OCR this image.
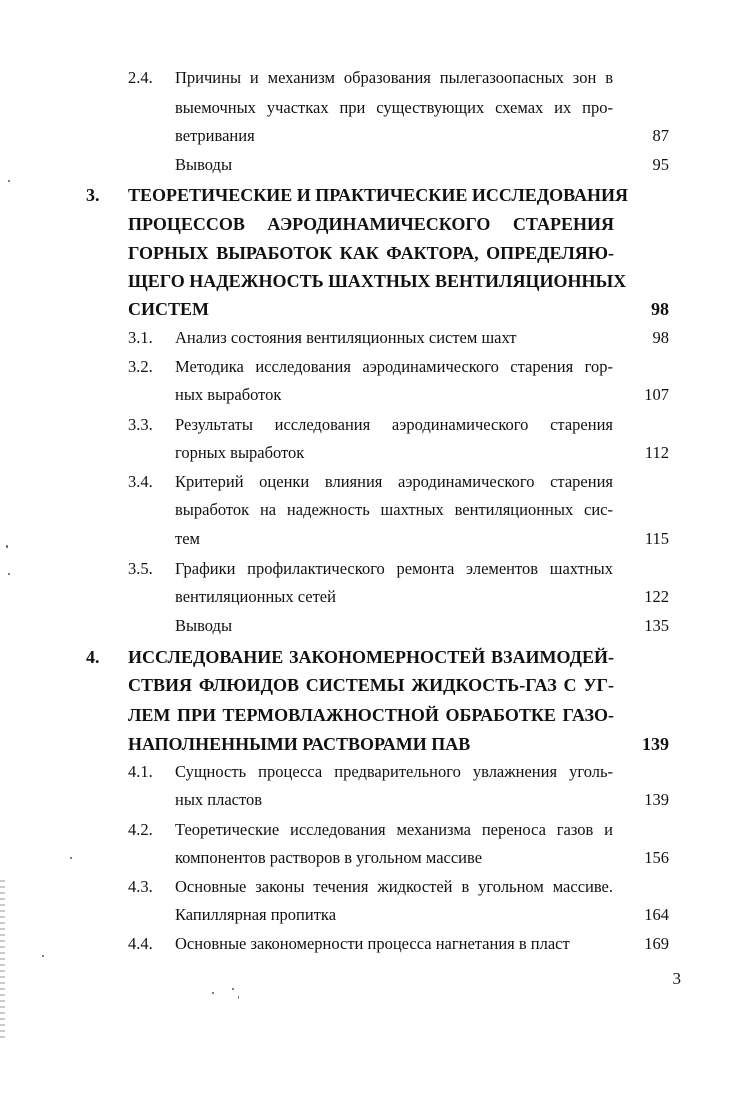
2.4. Причины и механизм образования пылегазоопасных зон в
выемочных участках при существующих схемах их про-
ветривания	87
Выводы	95
3. ТЕОРЕТИЧЕСКИЕ И ПРАКТИЧЕСКИЕ ИССЛЕДОВАНИЯ
ПРОЦЕССОВ АЭРОДИНАМИЧЕСКОГО СТАРЕНИЯ
ГОРНЫХ ВЫРАБОТОК КАК ФАКТОРА, ОПРЕДЕЛЯЮ-
ЩЕГО НАДЕЖНОСТЬ ШАХТНЫХ ВЕНТИЛЯЦИОННЫХ
СИСТЕМ	98
3.1. Анализ состояния вентиляционных систем шахт	98
3.2. Методика исследования аэродинамического старения гор-
ных выработок	107
3.3. Результаты исследования аэродинамического старения
горных выработок	112
3.4. Критерий оценки влияния аэродинамического старения
выработок на надежность шахтных вентиляционных сис-
тем	115
3.5. Графики профилактического ремонта элементов шахтных
вентиляционных сетей	122
Выводы	135
4. ИССЛЕДОВАНИЕ ЗАКОНОМЕРНОСТЕЙ ВЗАИМОДЕЙ-
СТВИЯ ФЛЮИДОВ СИСТЕМЫ ЖИДКОСТЬ-ГАЗ С УГ-
ЛЕМ ПРИ ТЕРМОВЛАЖНОСТНОЙ ОБРАБОТКЕ ГАЗО-
НАПОЛНЕННЫМИ РАСТВОРАМИ ПАВ	139
4.1. Сущность процесса предварительного увлажнения уголь-
ных пластов	139
4.2. Теоретические исследования механизма переноса газов и
компонентов растворов в угольном массиве	156
4.3. Основные законы течения жидкостей в угольном массиве.
Капиллярная пропитка	164
4.4. Основные закономерности процесса нагнетания в пласт	169
3
